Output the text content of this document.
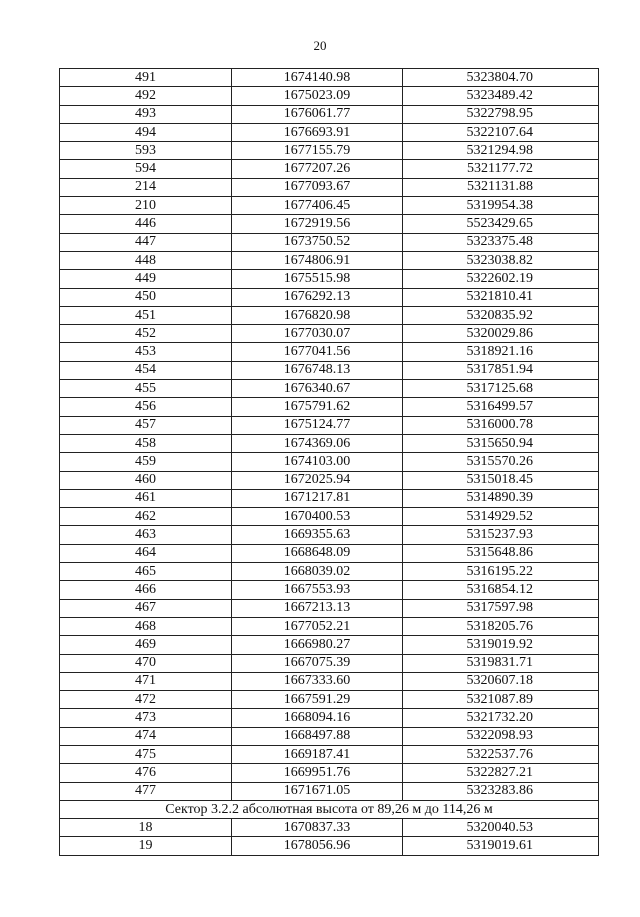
20
491	1674140.98	5323804.70
492	1675023.09	5323489.42
493	1676061.77	5322798.95
494	1676693.91	5322107.64
593	1677155.79	5321294.98
594	1677207.26	5321177.72
214	1677093.67	5321131.88
210	1677406.45	5319954.38
446	1672919.56	5523429.65
447	1673750.52	5323375.48
448	1674806.91	5323038.82
449	1675515.98	5322602.19
450	1676292.13	5321810.41
451	1676820.98	5320835.92
452	1677030.07	5320029.86
453	1677041.56	5318921.16
454	1676748.13	5317851.94
455	1676340.67	5317125.68
456	1675791.62	5316499.57
457	1675124.77	5316000.78
458	1674369.06	5315650.94
459	1674103.00	5315570.26
460	1672025.94	5315018.45
461	1671217.81	5314890.39
462	1670400.53	5314929.52
463	1669355.63	5315237.93
464	1668648.09	5315648.86
465	1668039.02	5316195.22
466	1667553.93	5316854.12
467	1667213.13	5317597.98
468	1677052.21	5318205.76
469	1666980.27	5319019.92
470	1667075.39	5319831.71
471	1667333.60	5320607.18
472	1667591.29	5321087.89
473	1668094.16	5321732.20
474	1668497.88	5322098.93
475	1669187.41	5322537.76
476	1669951.76	5322827.21
477	1671671.05	5323283.86
Сектор 3.2.2 абсолютная высота от 89,26 м до 114,26 м		
18	1670837.33	5320040.53
19	1678056.96	5319019.61
